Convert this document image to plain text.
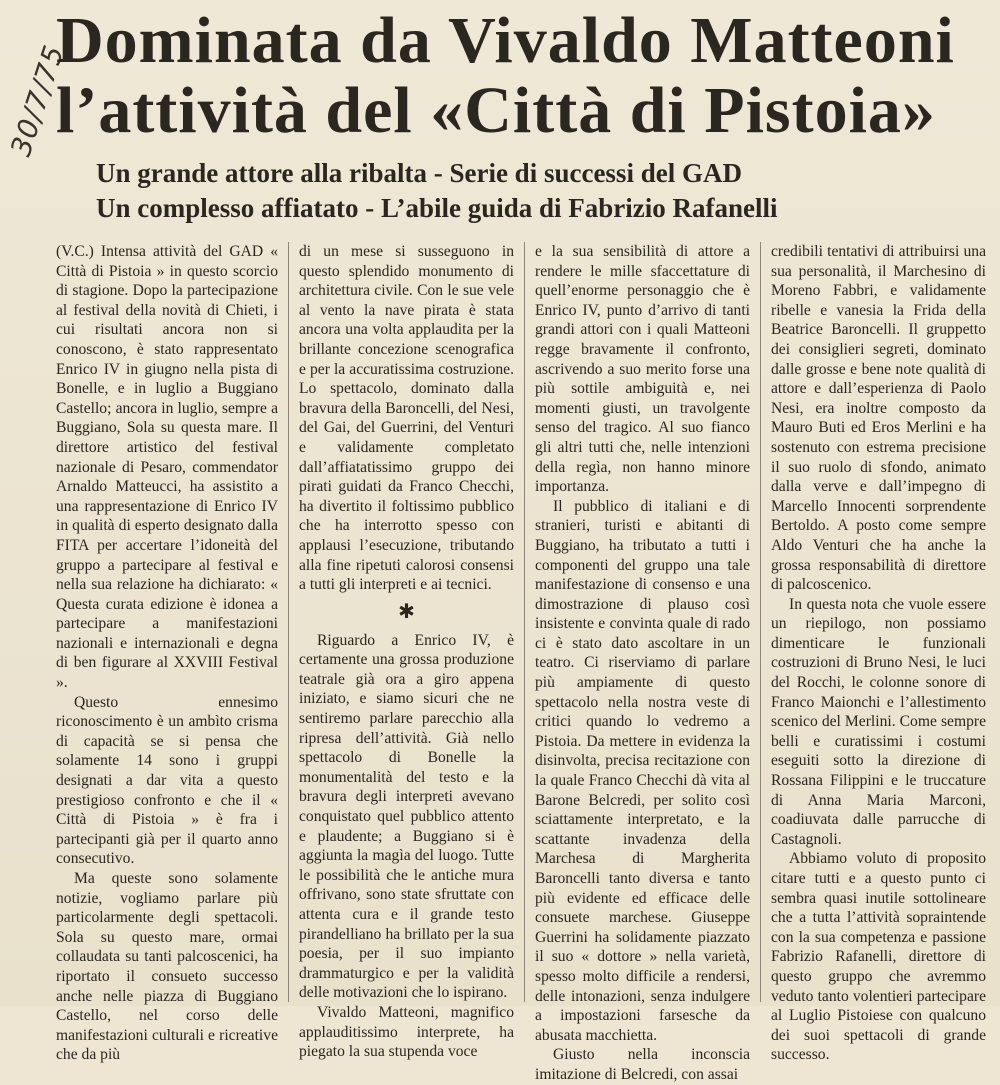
30/7/75
Dominata da Vivaldo Matteoni
l’attività del «Città di Pistoia»
Un grande attore alla ribalta - Serie di successi del GAD
Un complesso affiatato - L’abile guida di Fabrizio Rafanelli

(V.C.) Intensa attività del GAD « Città di Pistoia » in questo scorcio di stagione. Dopo la partecipazione al festival della novità di Chieti, i cui risultati ancora non si conoscono, è stato rappresentato Enrico IV in giugno nella pista di Bonelle, e in luglio a Buggiano Castello; ancora in luglio, sempre a Buggiano, Sola su questa mare. Il direttore artistico del festival nazionale di Pesaro, commendator Arnaldo Matteucci, ha assistito a una rappresentazione di Enrico IV in qualità di esperto designato dalla FITA per accertare l’idoneità del gruppo a partecipare al festival e nella sua relazione ha dichiarato: « Questa curata edizione è idonea a partecipare a manifestazioni nazionali e internazionali e degna di ben figurare al XXVIII Festival ».

Questo ennesimo riconoscimento è un ambìto crisma di capacità se si pensa che solamente 14 sono i gruppi designati a dar vita a questo prestigioso confronto e che il « Città di Pistoia » è fra i partecipanti già per il quarto anno consecutivo.

Ma queste sono solamente notizie, vogliamo parlare più particolarmente degli spettacoli. Sola su questo mare, ormai collaudata su tanti palcoscenici, ha riportato il consueto successo anche nelle piazza di Buggiano Castello, nel corso delle manifestazioni culturali e ricreative che da più

di un mese si susseguono in questo splendido monumento di architettura civile. Con le sue vele al vento la nave pirata è stata ancora una volta applaudita per la brillante concezione scenografica e per la accuratissima costruzione. Lo spettacolo, dominato dalla bravura della Baroncelli, del Nesi, del Gai, del Guerrini, del Venturi e validamente completato dall’affiatatissimo gruppo dei pirati guidati da Franco Checchi, ha divertito il foltissimo pubblico che ha interrotto spesso con applausi l’esecuzione, tributando alla fine ripetuti calorosi consensi a tutti gli interpreti e ai tecnici.

✱

Riguardo a Enrico IV, è certamente una grossa produzione teatrale già ora a giro appena iniziato, e siamo sicuri che ne sentiremo parlare parecchio alla ripresa dell’attività. Già nello spettacolo di Bonelle la monumentalità del testo e la bravura degli interpreti avevano conquistato quel pubblico attento e plaudente; a Buggiano si è aggiunta la magìa del luogo. Tutte le possibilità che le antiche mura offrivano, sono state sfruttate con attenta cura e il grande testo pirandelliano ha brillato per la sua poesia, per il suo impianto drammaturgico e per la validità delle motivazioni che lo ispirano.

Vivaldo Matteoni, magnifico applauditissimo interprete, ha piegato la sua stupenda voce

e la sua sensibilità di attore a rendere le mille sfaccettature di quell’enorme personaggio che è Enrico IV, punto d’arrivo di tanti grandi attori con i quali Matteoni regge bravamente il confronto, ascrivendo a suo merito forse una più sottile ambiguità e, nei momenti giusti, un travolgente senso del tragico. Al suo fianco gli altri tutti che, nelle intenzioni della regìa, non hanno minore importanza.

Il pubblico di italiani e di stranieri, turisti e abitanti di Buggiano, ha tributato a tutti i componenti del gruppo una tale manifestazione di consenso e una dimostrazione di plauso così insistente e convinta quale di rado ci è stato dato ascoltare in un teatro. Ci riserviamo di parlare più ampiamente di questo spettacolo nella nostra veste di critici quando lo vedremo a Pistoia. Da mettere in evidenza la disinvolta, precisa recitazione con la quale Franco Checchi dà vita al Barone Belcredi, per solito così sciattamente interpretato, e la scattante invadenza della Marchesa di Margherita Baroncelli tanto diversa e tanto più evidente ed efficace delle consuete marchese. Giuseppe Guerrini ha solidamente piazzato il suo « dottore » nella varietà, spesso molto difficile a rendersi, delle intonazioni, senza indulgere a impostazioni farsesche da abusata macchietta.

Giusto nella inconscia imitazione di Belcredi, con assai

credibili tentativi di attribuirsi una sua personalità, il Marchesino di Moreno Fabbri, e validamente ribelle e vanesia la Frida della Beatrice Baroncelli. Il gruppetto dei consiglieri segreti, dominato dalle grosse e bene note qualità di attore e dall’esperienza di Paolo Nesi, era inoltre composto da Mauro Buti ed Eros Merlini e ha sostenuto con estrema precisione il suo ruolo di sfondo, animato dalla verve e dall’impegno di Marcello Innocenti sorprendente Bertoldo. A posto come sempre Aldo Venturi che ha anche la grossa responsabilità di direttore di palcoscenico.

In questa nota che vuole essere un riepilogo, non possiamo dimenticare le funzionali costruzioni di Bruno Nesi, le luci del Rocchi, le colonne sonore di Franco Maionchi e l’allestimento scenico del Merlini. Come sempre belli e curatissimi i costumi eseguiti sotto la direzione di Rossana Filippini e le truccature di Anna Maria Marconi, coadiuvata dalle parrucche di Castagnoli.

Abbiamo voluto di proposito citare tutti e a questo punto ci sembra quasi inutile sottolineare che a tutta l’attività sopraintende con la sua competenza e passione Fabrizio Rafanelli, direttore di questo gruppo che avremmo veduto tanto volentieri partecipare al Luglio Pistoiese con qualcuno dei suoi spettacoli di grande successo.
